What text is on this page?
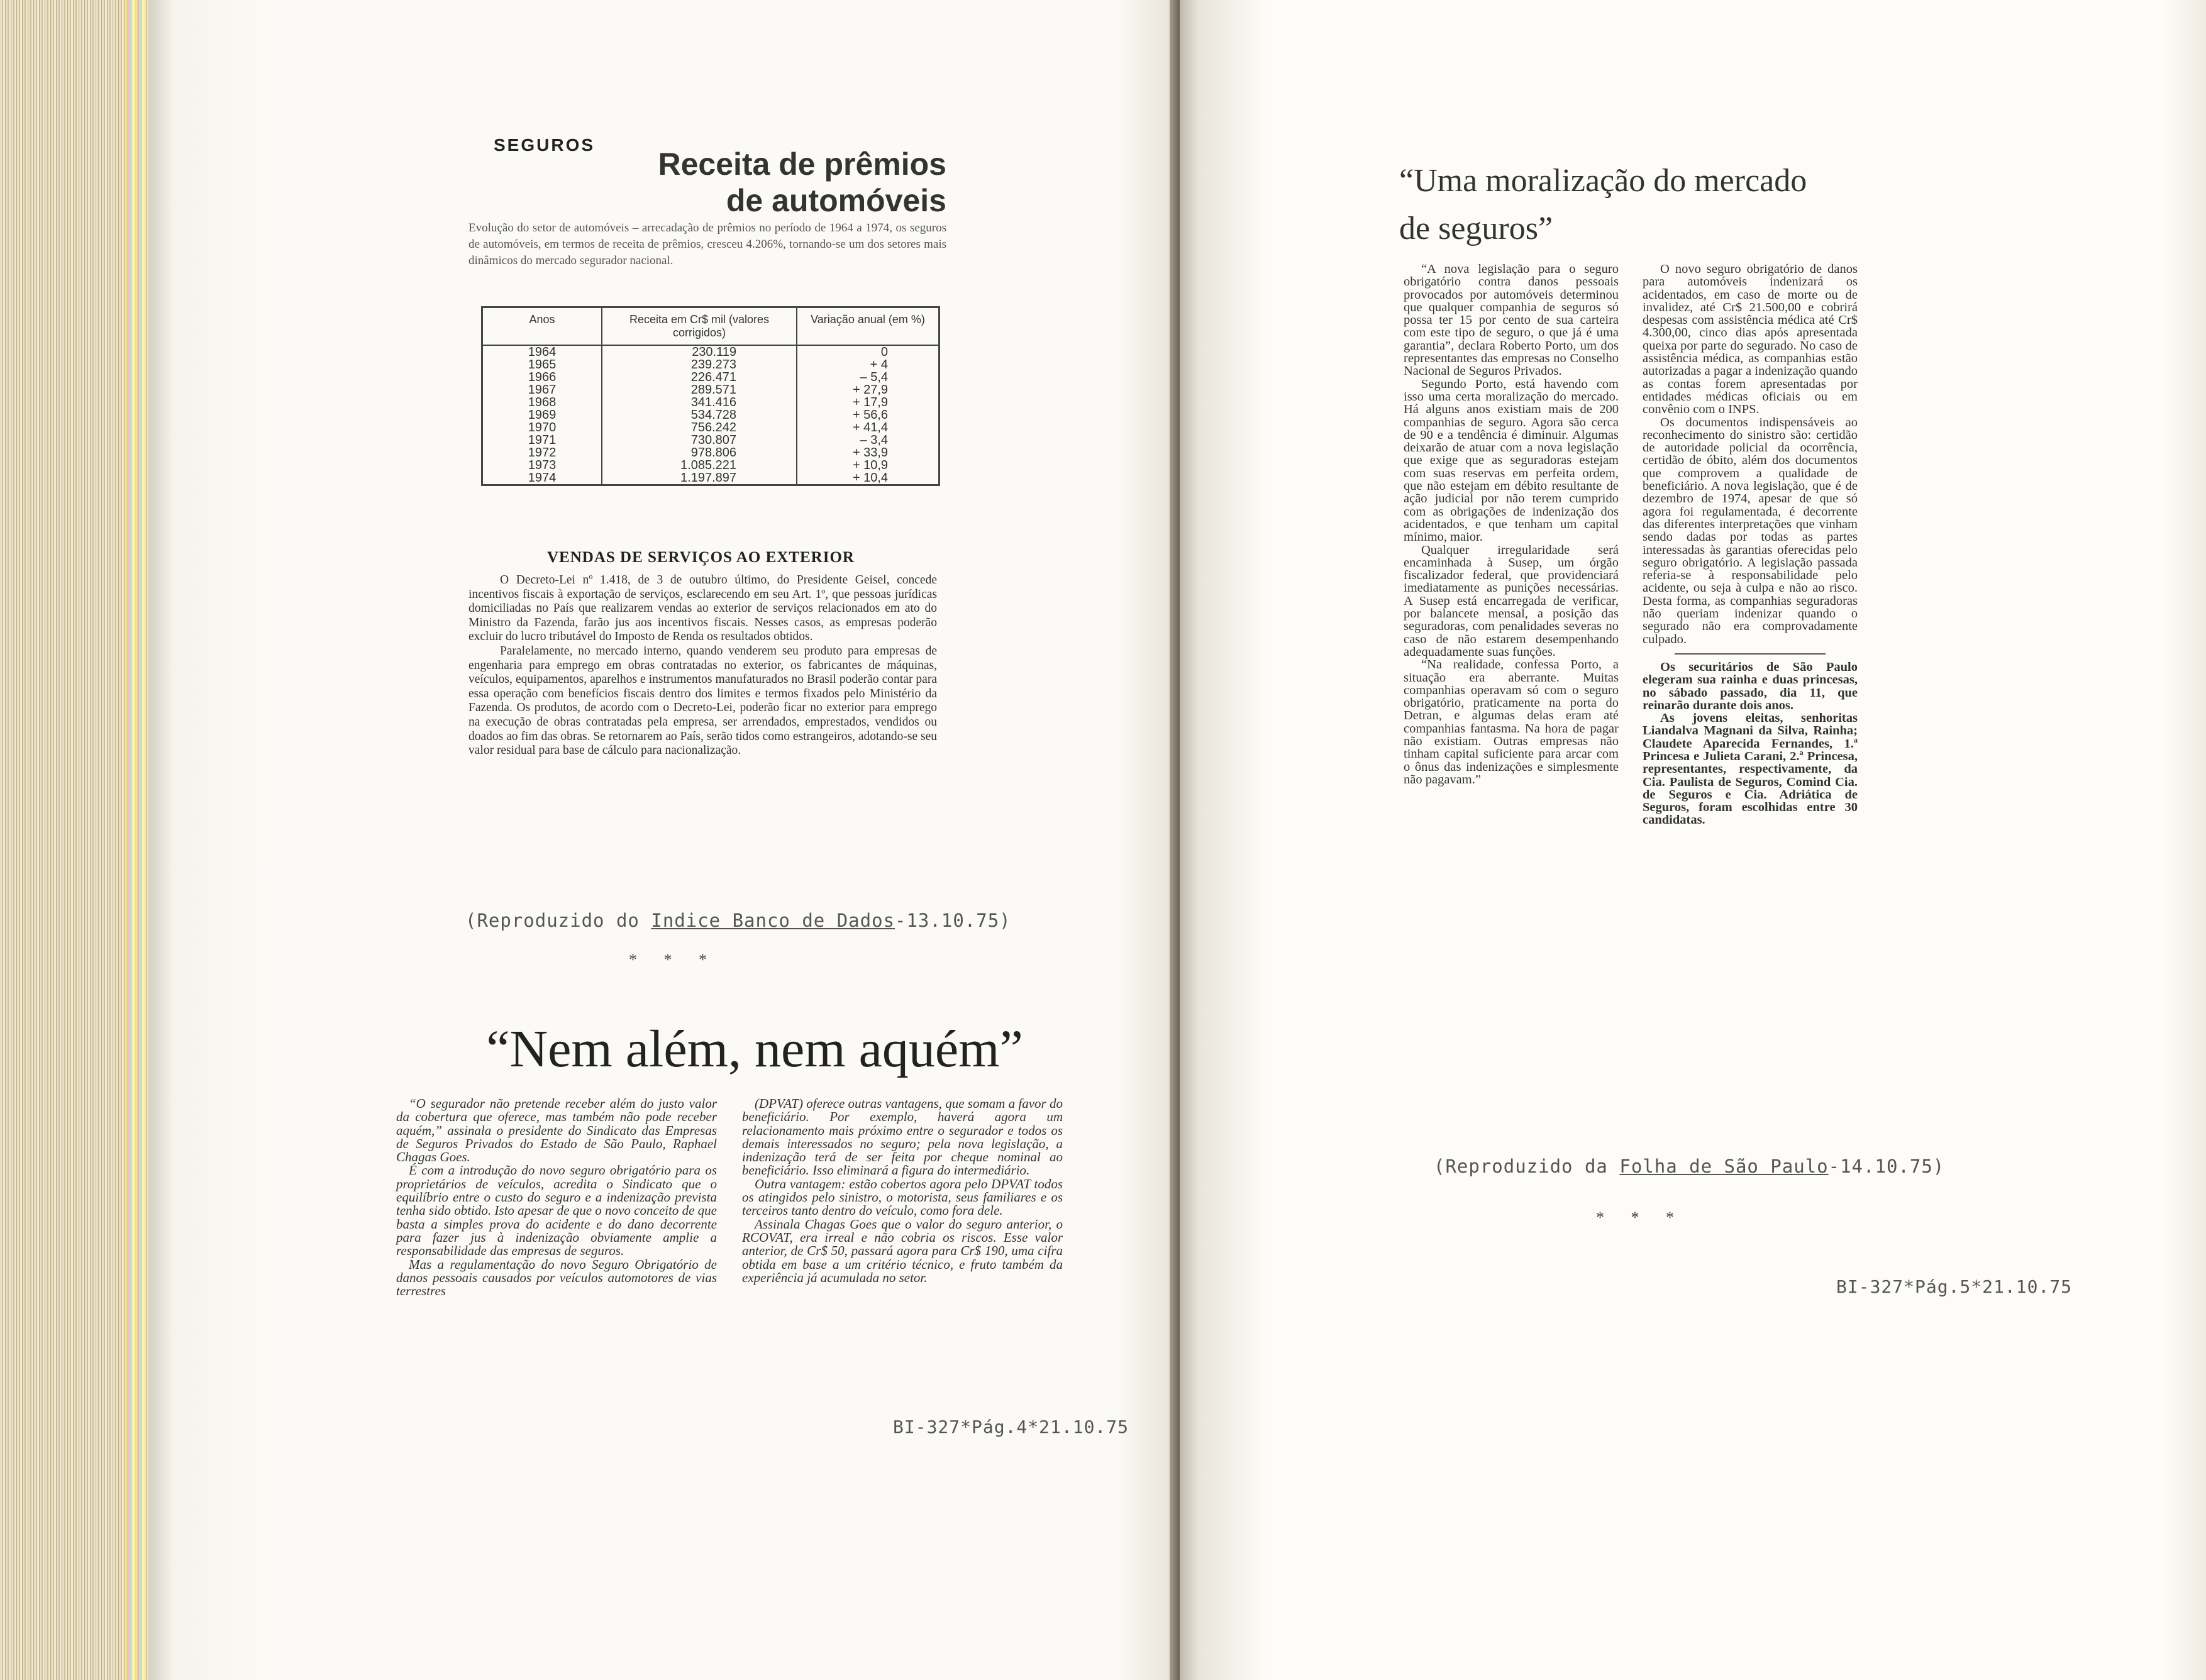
SEGUROS
Receita de prêmios
de automóveis
Evolução do setor de automóveis – arrecadação de prêmios no período de 1964 a 1974, os seguros de automóveis, em termos de receita de prêmios, cresceu 4.206%, tornando-se um dos setores mais dinâmicos do mercado segurador nacional.
Anos	Receita em Cr$ mil (valores corrigidos)	Variação anual (em %)
1964	230.119	0
1965	239.273	+ 4
1966	226.471	– 5,4
1967	289.571	+ 27,9
1968	341.416	+ 17,9
1969	534.728	+ 56,6
1970	756.242	+ 41,4
1971	730.807	– 3,4
1972	978.806	+ 33,9
1973	1.085.221	+ 10,9
1974	1.197.897	+ 10,4
VENDAS DE SERVIÇOS AO EXTERIOR

O Decreto-Lei nº 1.418, de 3 de outubro último, do Presidente Geisel, concede incentivos fiscais à exportação de serviços, esclarecendo em seu Art. 1º, que pessoas jurídicas domiciliadas no País que realizarem vendas ao exterior de serviços relacionados em ato do Ministro da Fazenda, farão jus aos incentivos fiscais. Nesses casos, as empresas poderão excluir do lucro tributável do Imposto de Renda os resultados obtidos.

Paralelamente, no mercado interno, quando venderem seu produto para empresas de engenharia para emprego em obras contratadas no exterior, os fabricantes de máquinas, veículos, equipamentos, aparelhos e instrumentos manufaturados no Brasil poderão contar para essa operação com benefícios fiscais dentro dos limites e termos fixados pelo Ministério da Fazenda. Os produtos, de acordo com o Decreto-Lei, poderão ficar no exterior para emprego na execução de obras contratadas pela empresa, ser arrendados, emprestados, vendidos ou doados ao fim das obras. Se retornarem ao País, serão tidos como estrangeiros, adotando-se seu valor residual para base de cálculo para nacionalização.

(Reproduzido do Indice Banco de Dados-13.10.75)
* * *
“Nem além, nem aquém”

“O segurador não pretende receber além do justo valor da cobertura que oferece, mas também não pode receber aquém,” assinala o presidente do Sindicato das Empresas de Seguros Privados do Estado de São Paulo, Raphael Chagas Goes.

É com a introdução do novo seguro obrigatório para os proprietários de veículos, acredita o Sindicato que o equilíbrio entre o custo do seguro e a indenização prevista tenha sido obtido. Isto apesar de que o novo conceito de que basta a simples prova do acidente e do dano decorrente para fazer jus à indenização obviamente amplie a responsabilidade das empresas de seguros.

Mas a regulamentação do novo Seguro Obrigatório de danos pessoais causados por veículos automotores de vias terrestres

(DPVAT) oferece outras vantagens, que somam a favor do beneficiário. Por exemplo, haverá agora um relacionamento mais próximo entre o segurador e todos os demais interessados no seguro; pela nova legislação, a indenização terá de ser feita por cheque nominal ao beneficiário. Isso eliminará a figura do intermediário.

Outra vantagem: estão cobertos agora pelo DPVAT todos os atingidos pelo sinistro, o motorista, seus familiares e os terceiros tanto dentro do veículo, como fora dele.

Assinala Chagas Goes que o valor do seguro anterior, o RCOVAT, era irreal e não cobria os riscos. Esse valor anterior, de Cr$ 50, passará agora para Cr$ 190, uma cifra obtida em base a um critério técnico, e fruto também da experiência já acumulada no setor.

BI-327*Pág.4*21.10.75
“Uma moralização do mercado de seguros”

“A nova legislação para o seguro obrigatório contra danos pessoais provocados por automóveis determinou que qualquer companhia de seguros só possa ter 15 por cento de sua carteira com este tipo de seguro, o que já é uma garantia”, declara Roberto Porto, um dos representantes das empresas no Conselho Nacional de Seguros Privados.

Segundo Porto, está havendo com isso uma certa moralização do mercado. Há alguns anos existiam mais de 200 companhias de seguro. Agora são cerca de 90 e a tendência é diminuir. Algumas deixarão de atuar com a nova legislação que exige que as seguradoras estejam com suas reservas em perfeita ordem, que não estejam em débito resultante de ação judicial por não terem cumprido com as obrigações de indenização dos acidentados, e que tenham um capital mínimo, maior.

Qualquer irregularidade será encaminhada à Susep, um órgão fiscalizador federal, que providenciará imediatamente as punições necessárias. A Susep está encarregada de verificar, por balancete mensal, a posição das seguradoras, com penalidades severas no caso de não estarem desempenhando adequadamente suas funções.

“Na realidade, confessa Porto, a situação era aberrante. Muitas companhias operavam só com o seguro obrigatório, praticamente na porta do Detran, e algumas delas eram até companhias fantasma. Na hora de pagar não existiam. Outras empresas não tinham capital suficiente para arcar com o ônus das indenizações e simplesmente não pagavam.”

O novo seguro obrigatório de danos para automóveis indenizará os acidentados, em caso de morte ou de invalidez, até Cr$ 21.500,00 e cobrirá despesas com assistência médica até Cr$ 4.300,00, cinco dias após apresentada queixa por parte do segurado. No caso de assistência médica, as companhias estão autorizadas a pagar a indenização quando as contas forem apresentadas por entidades médicas oficiais ou em convênio com o INPS.

Os documentos indispensáveis ao reconhecimento do sinistro são: certidão de autoridade policial da ocorrência, certidão de óbito, além dos documentos que comprovem a qualidade de beneficiário. A nova legislação, que é de dezembro de 1974, apesar de que só agora foi regulamentada, é decorrente das diferentes interpretações que vinham sendo dadas por todas as partes interessadas às garantias oferecidas pelo seguro obrigatório. A legislação passada referia-se à responsabilidade pelo acidente, ou seja à culpa e não ao risco. Desta forma, as companhias seguradoras não queriam indenizar quando o segurado não era comprovadamente culpado.

Os securitários de São Paulo elegeram sua rainha e duas princesas, no sábado passado, dia 11, que reinarão durante dois anos.

As jovens eleitas, senhoritas Liandalva Magnani da Silva, Rainha; Claudete Aparecida Fernandes, 1.ª Princesa e Julieta Carani, 2.ª Princesa, representantes, respectivamente, da Cia. Paulista de Seguros, Comind Cia. de Seguros e Cia. Adriática de Seguros, foram escolhidas entre 30 candidatas.

(Reproduzido da Folha de São Paulo-14.10.75)
* * *
BI-327*Pág.5*21.10.75
